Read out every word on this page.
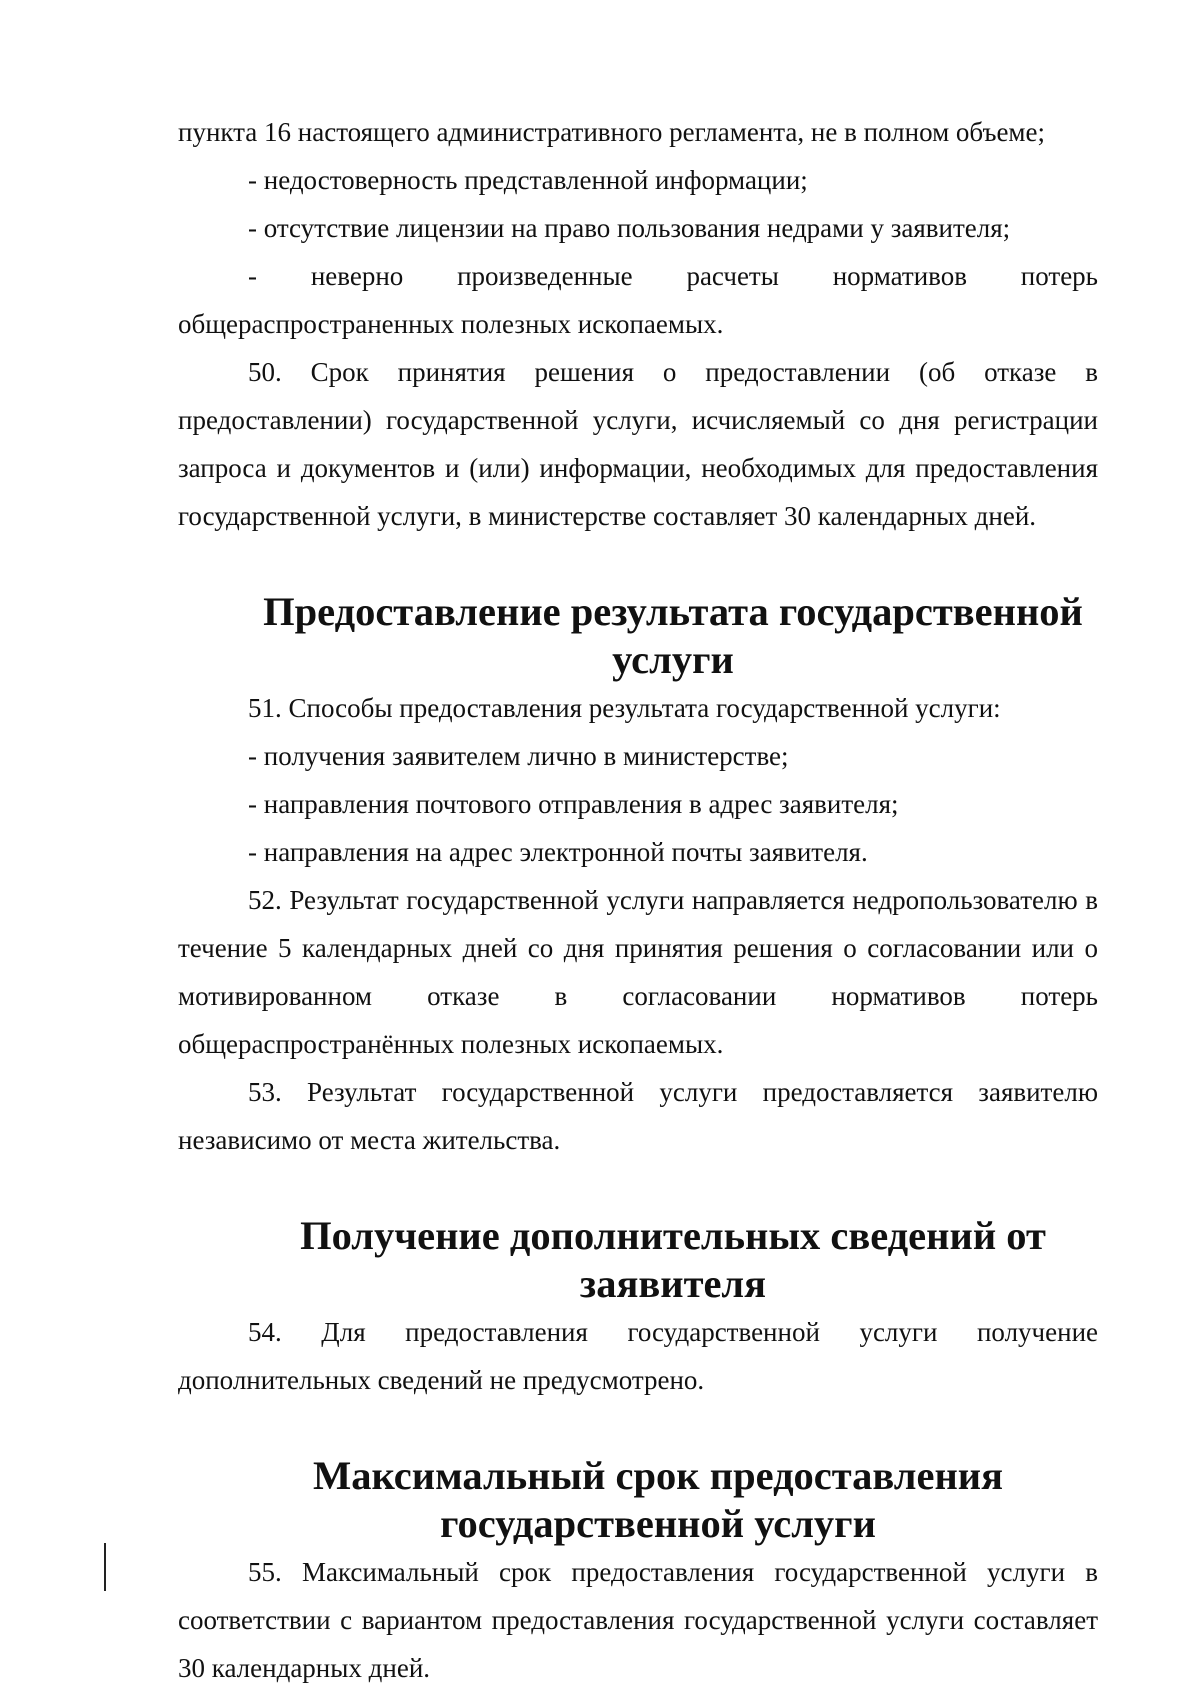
пункта 16 настоящего административного регламента, не в полном объеме;

- недостоверность представленной информации;

- отсутствие лицензии на право пользования недрами у заявителя;

- неверно произведенные расчеты нормативов потерь

общераспространенных полезных ископаемых.

50. Срок принятия решения о предоставлении (об отказе в предоставлении) государственной услуги, исчисляемый со дня регистрации запроса и документов и (или) информации, необходимых для предоставления государственной услуги, в министерстве составляет 30 календарных дней.

Предоставление результата государственной услуги

51. Способы предоставления результата государственной услуги:

- получения заявителем лично в министерстве;

- направления почтового отправления в адрес заявителя;

- направления на адрес электронной почты заявителя.

52. Результат государственной услуги направляется недропользователю в течение 5 календарных дней со дня принятия решения о согласовании или о мотивированном отказе в согласовании нормативов потерь общераспространённых полезных ископаемых.

53. Результат государственной услуги предоставляется заявителю независимо от места жительства.

Получение дополнительных сведений от заявителя

54. Для предоставления государственной услуги получение дополнительных сведений не предусмотрено.

Максимальный срок предоставления государственной услуги

55. Максимальный срок предоставления государственной услуги в соответствии с вариантом предоставления государственной услуги составляет 30 календарных дней.
